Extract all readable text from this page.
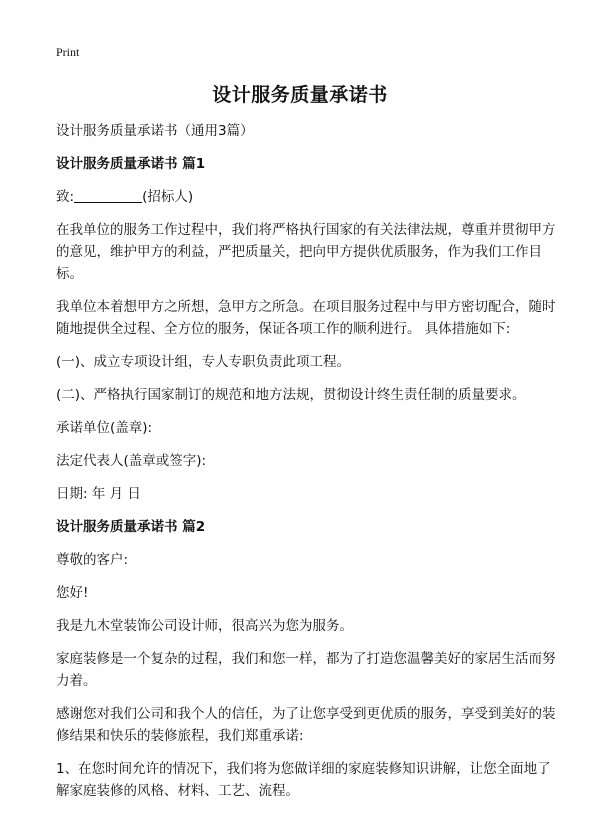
Print
设计服务质量承诺书

设计服务质量承诺书（通用3篇）

设计服务质量承诺书 篇1

致:	(招标人)

在我单位的服务工作过程中，我们将严格执行国家的有关法律法规，尊重并贯彻甲方的意见，维护甲方的利益，严把质量关，把向甲方提供优质服务，作为我们工作目标。

我单位本着想甲方之所想，急甲方之所急。在项目服务过程中与甲方密切配合，随时随地提供全过程、全方位的服务，保证各项工作的顺利进行。 具体措施如下:

(一)、成立专项设计组，专人专职负责此项工程。

(二)、严格执行国家制订的规范和地方法规，贯彻设计终生责任制的质量要求。

承诺单位(盖章):

法定代表人(盖章或签字):

日期: 年 月 日

设计服务质量承诺书 篇2

尊敬的客户:

您好!

我是九木堂装饰公司设计师，很高兴为您为服务。

家庭装修是一个复杂的过程，我们和您一样，都为了打造您温馨美好的家居生活而努力着。

感谢您对我们公司和我个人的信任，为了让您享受到更优质的服务，享受到美好的装修结果和快乐的装修旅程，我们郑重承诺:

1、在您时间允许的情况下，我们将为您做详细的家庭装修知识讲解，让您全面地了解家庭装修的风格、材料、工艺、流程。
